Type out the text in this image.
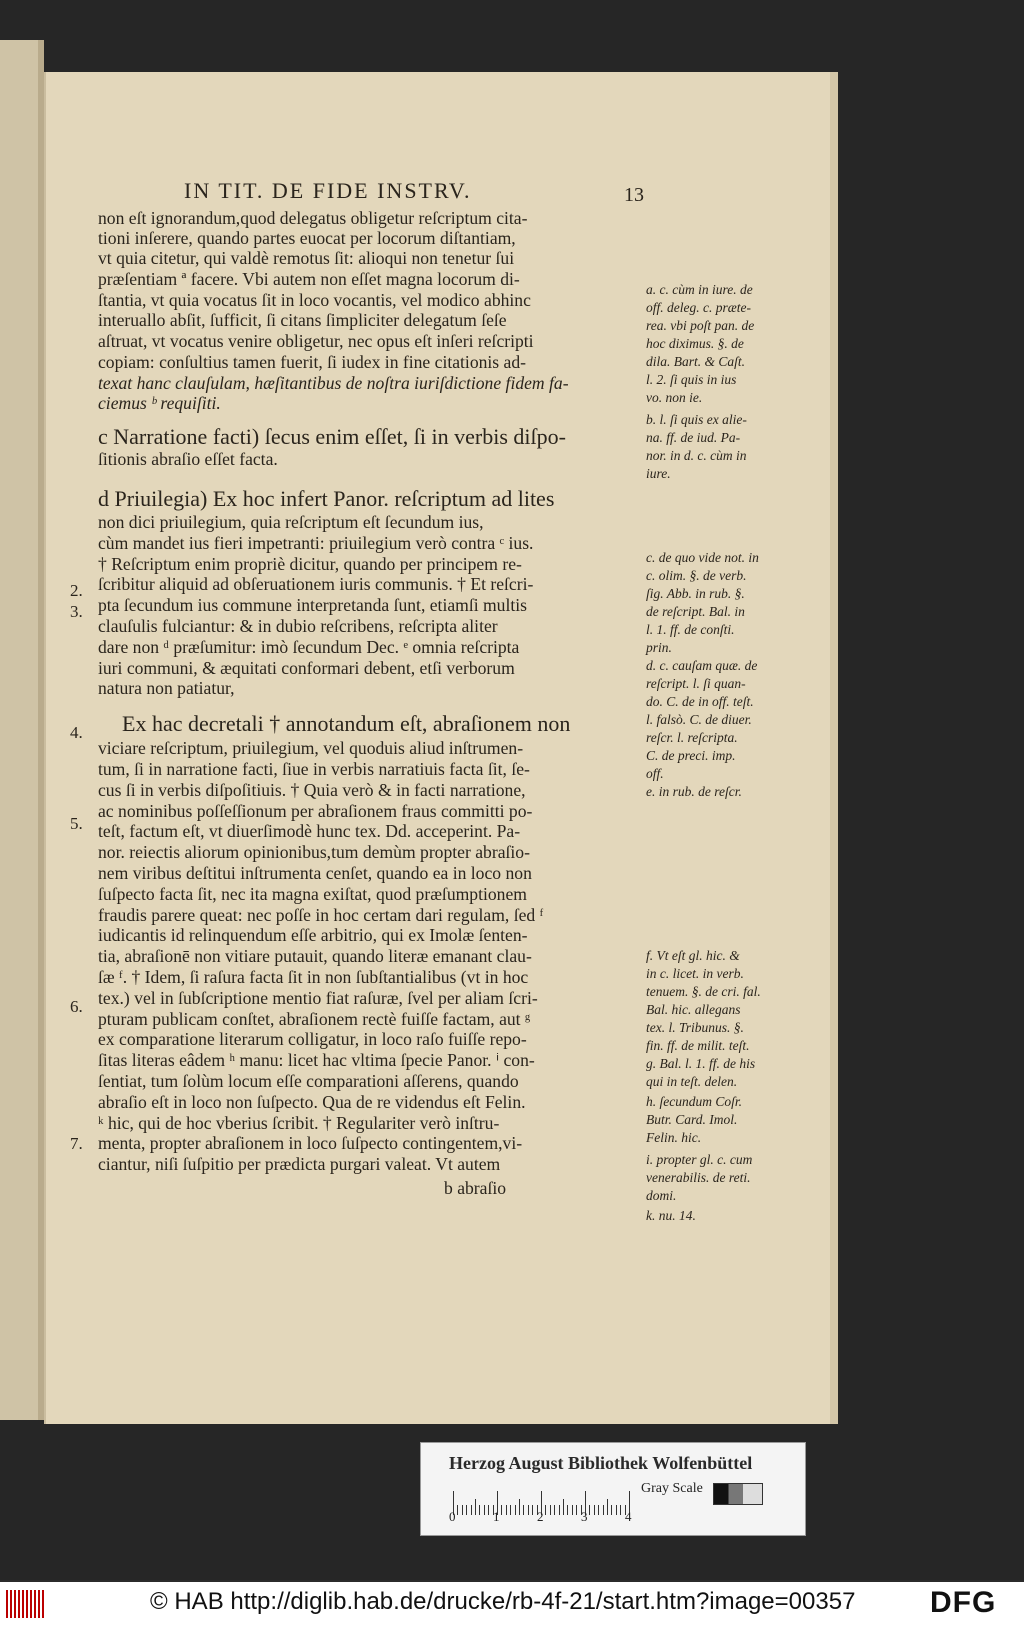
IN TIT. DE FIDE INSTRV.	13
non eſt ignorandum,quod delegatus obligetur reſcriptum cita-
tioni inſerere, quando partes euocat per locorum diſtantiam,
vt quia citetur, qui valdè remotus ſit: alioqui non tenetur ſui
præſentiam ª facere. Vbi autem non eſſet magna locorum di-
ſtantia, vt quia vocatus ſit in loco vocantis, vel modico abhinc
interuallo abſit, ſufficit, ſi citans ſimpliciter delegatum ſeſe
aſtruat, vt vocatus venire obligetur, nec opus eſt inſeri reſcripti
copiam: conſultius tamen fuerit, ſi iudex in fine citationis ad-
texat hanc clauſulam, hæſitantibus de noſtra iuriſdictione fidem fa-
ciemus ᵇ requiſiti.
c Narratione facti) ſecus enim eſſet, ſi in verbis diſpo-
ſitionis abraſio eſſet facta.
d Priuilegia) Ex hoc infert Panor. reſcriptum ad lites
non dici priuilegium, quia reſcriptum eſt ſecundum ius,
cùm mandet ius fieri impetranti: priuilegium verò contra ᶜ ius.
† Reſcriptum enim propriè dicitur, quando per principem re-
ſcribitur aliquid ad obſeruationem iuris communis. † Et reſcri-
pta ſecundum ius commune interpretanda ſunt, etiamſi multis
clauſulis fulciantur: & in dubio reſcribens, reſcripta aliter
dare non ᵈ præſumitur: imò ſecundum Dec. ᵉ omnia reſcripta
iuri communi, & æquitati conformari debent, etſi verborum
natura non patiatur,
Ex hac decretali † annotandum eſt, abraſionem non
viciare reſcriptum, priuilegium, vel quoduis aliud inſtrumen-
tum, ſi in narratione facti, ſiue in verbis narratiuis facta ſit, ſe-
cus ſi in verbis diſpoſitiuis. † Quia verò & in facti narratione,
ac nominibus poſſeſſionum per abraſionem fraus committi po-
teſt, factum eſt, vt diuerſimodè hunc tex. Dd. acceperint. Pa-
nor. reiectis aliorum opinionibus,tum demùm propter abraſio-
nem viribus deſtitui inſtrumenta cenſet, quando ea in loco non
ſuſpecto facta ſit, nec ita magna exiſtat, quod præſumptionem
fraudis parere queat: nec poſſe in hoc certam dari regulam, ſed ᶠ
iudicantis id relinquendum eſſe arbitrio, qui ex Imolæ ſenten-
tia, abraſionē non vitiare putauit, quando literæ emanant clau-
ſæ ᶠ. † Idem, ſi raſura facta ſit in non ſubſtantialibus (vt in hoc
tex.) vel in ſubſcriptione mentio fiat raſuræ, ſvel per aliam ſcri-
pturam publicam conſtet, abraſionem rectè fuiſſe factam, aut ᵍ
ex comparatione literarum colligatur, in loco raſo fuiſſe repo-
ſitas literas eâdem ʰ manu: licet hac vltima ſpecie Panor. ⁱ con-
ſentiat, tum ſolùm locum eſſe comparationi aſſerens, quando
abraſio eſt in loco non ſuſpecto. Qua de re videndus eſt Felin.
ᵏ hic, qui de hoc vberius ſcribit. † Regulariter verò inſtru-
menta, propter abraſionem in loco ſuſpecto contingentem,vi-
ciantur, niſi ſuſpitio per prædicta purgari valeat. Vt autem
b abraſio
2.
3.
4.
5.
6.
7.
a. c. cùm in iure. de
off. deleg. c. præte-
rea. vbi poſt pan. de
hoc diximus. §. de
dila. Bart. & Caſt.
l. 2. ſi quis in ius
vo. non ie.
b. l. ſi quis ex alie-
na. ff. de iud. Pa-
nor. in d. c. cùm in
iure.
c. de quo vide not. in
c. olim. §. de verb.
ſig. Abb. in rub. §.
de reſcript. Bal. in
l. 1. ff. de conſti.
prin.
d. c. cauſam quæ. de
reſcript. l. ſi quan-
do. C. de in off. teſt.
l. falsò. C. de diuer.
reſcr. l. reſcripta.
C. de preci. imp.
off.
e. in rub. de reſcr.
f. Vt eſt gl. hic. &
in c. licet. in verb.
tenuem. §. de cri. fal.
Bal. hic. allegans
tex. l. Tribunus. §.
fin. ff. de milit. teſt.
g. Bal. l. 1. ff. de his
qui in teſt. delen.
h. ſecundum Coſr.
Butr. Card. Imol.
Felin. hic.
i. propter gl. c. cum
venerabilis. de reti.
domi.
k. nu. 14.
Herzog August Bibliothek Wolfenbüttel
0	1	2	3	4
Gray Scale
© HAB http://diglib.hab.de/drucke/rb-4f-21/start.htm?image=00357 DFG
